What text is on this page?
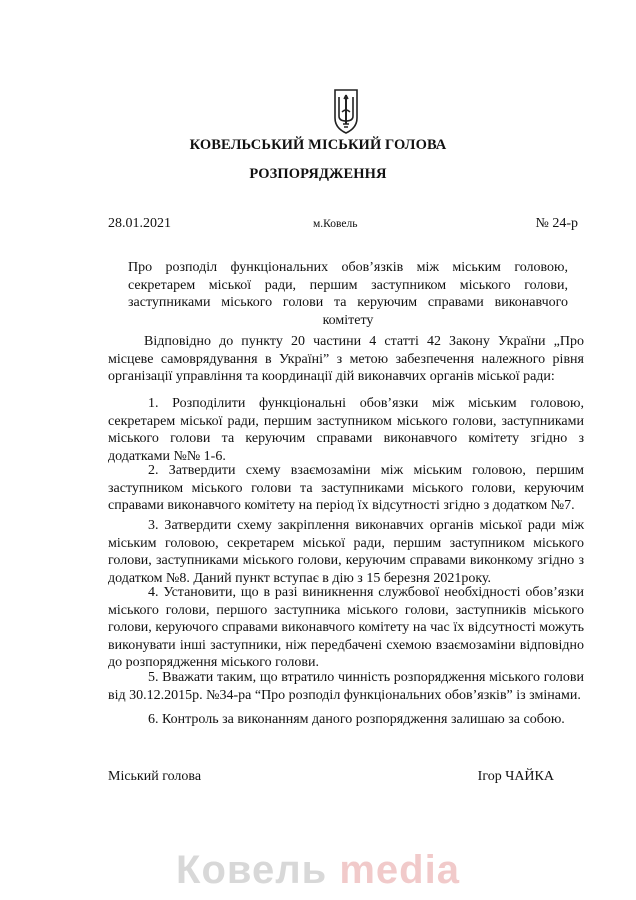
КОВЕЛЬСЬКИЙ МІСЬКИЙ ГОЛОВА
РОЗПОРЯДЖЕННЯ
28.01.2021	м.Ковель	№ 24-р
Про розподіл функціональних обов’язків між міським головою, секретарем міської ради, першим заступником міського голови, заступниками міського голови та керуючим справами виконавчого комітету

Відповідно до пункту 20 частини 4 статті 42 Закону України „Про місцеве самоврядування в Україні” з метою забезпечення належного рівня організації управління та координації дій виконавчих органів міської ради:

1. Розподілити функціональні обов’язки між міським головою, секретарем міської ради, першим заступником міського голови, заступниками міського голови та керуючим справами виконавчого комітету згідно з додатками №№ 1-6.

2. Затвердити схему взаємозаміни між міським головою, першим заступником міського голови та заступниками міського голови, керуючим справами виконавчого комітету на період їх відсутності згідно з додатком №7.

3. Затвердити схему закріплення виконавчих органів міської ради між міським головою, секретарем міської ради, першим заступником міського голови, заступниками міського голови, керуючим справами виконкому згідно з додатком №8. Даний пункт вступає в дію з 15 березня 2021року.

4. Установити, що в разі виникнення службової необхідності обов’язки міського голови, першого заступника міського голови, заступників міського голови, керуючого справами виконавчого комітету на час їх відсутності можуть виконувати інші заступники, ніж передбачені схемою взаємозаміни відповідно до розпорядження міського голови.

5. Вважати таким, що втратило чинність розпорядження міського голови від 30.12.2015р. №34-ра “Про розподіл функціональних обов’язків” із змінами.

6. Контроль за виконанням даного розпорядження залишаю за собою.

Міський голова	Ігор ЧАЙКА
Ковель media
